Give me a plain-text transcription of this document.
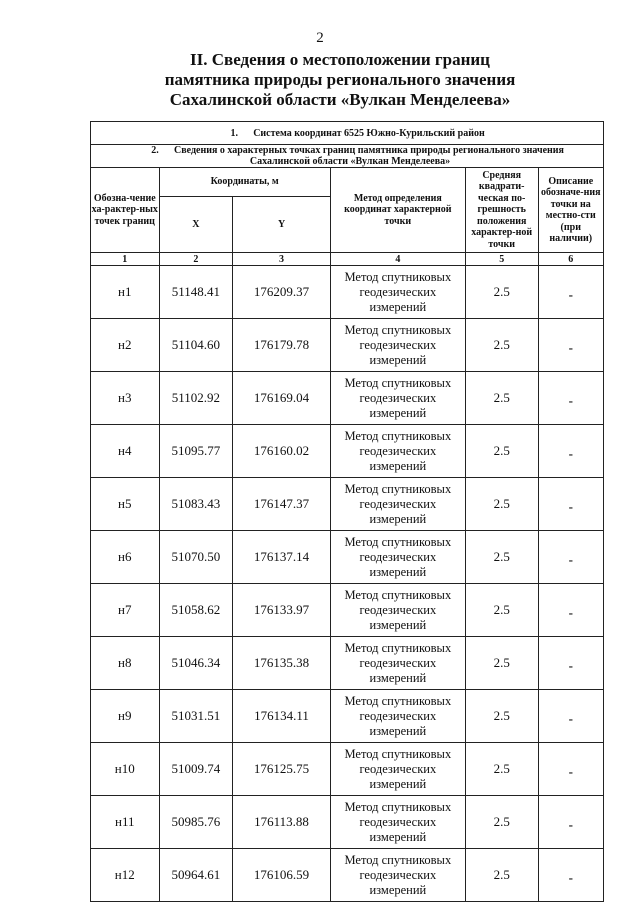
2
II. Сведения о местоположении границ
памятника природы регионального значения
Сахалинской области «Вулкан Менделеева»
1. Система координат 6525 Южно-Курильский район					
2. Сведения о характерных точках границ памятника природы регионального значения
Сахалинской области «Вулкан Менделеева»					
Обозна-чение ха-рактер-ных точек границ	Координаты, м		Метод определения координат характерной точки	Средняя квадрати-ческая по-грешность положения характер-ной точки	Описание обозначе-ния точки на местно-сти (при наличии)
	X	Y			
1	2	3	4	5	6
н1	51148.41	176209.37	Метод спутниковых геодезических измерений	2.5	-
н2	51104.60	176179.78	Метод спутниковых геодезических измерений	2.5	-
н3	51102.92	176169.04	Метод спутниковых геодезических измерений	2.5	-
н4	51095.77	176160.02	Метод спутниковых геодезических измерений	2.5	-
н5	51083.43	176147.37	Метод спутниковых геодезических измерений	2.5	-
н6	51070.50	176137.14	Метод спутниковых геодезических измерений	2.5	-
н7	51058.62	176133.97	Метод спутниковых геодезических измерений	2.5	-
н8	51046.34	176135.38	Метод спутниковых геодезических измерений	2.5	-
н9	51031.51	176134.11	Метод спутниковых геодезических измерений	2.5	-
н10	51009.74	176125.75	Метод спутниковых геодезических измерений	2.5	-
н11	50985.76	176113.88	Метод спутниковых геодезических измерений	2.5	-
н12	50964.61	176106.59	Метод спутниковых геодезических измерений	2.5	-
